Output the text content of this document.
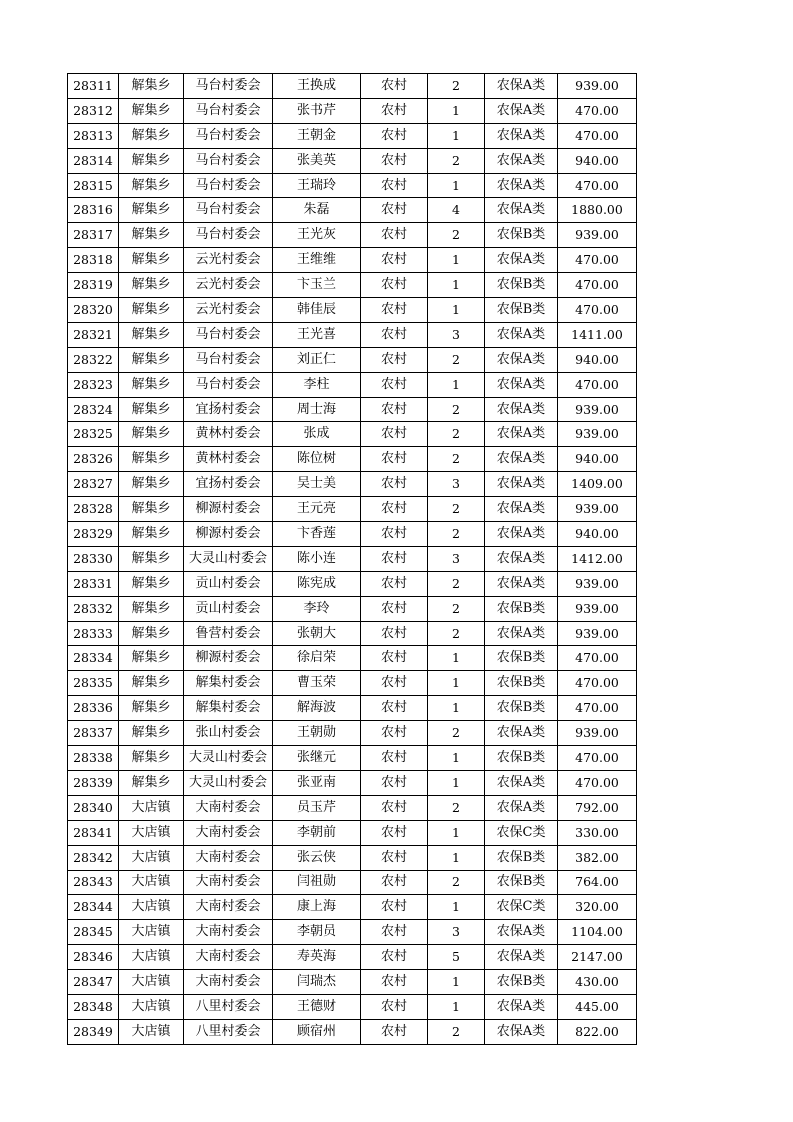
28311	解集乡	马台村委会	王换成	农村	2	农保A类	939.00
28312	解集乡	马台村委会	张书芹	农村	1	农保A类	470.00
28313	解集乡	马台村委会	王朝金	农村	1	农保A类	470.00
28314	解集乡	马台村委会	张美英	农村	2	农保A类	940.00
28315	解集乡	马台村委会	王瑞玲	农村	1	农保A类	470.00
28316	解集乡	马台村委会	朱磊	农村	4	农保A类	1880.00
28317	解集乡	马台村委会	王光灰	农村	2	农保B类	939.00
28318	解集乡	云光村委会	王维维	农村	1	农保A类	470.00
28319	解集乡	云光村委会	卞玉兰	农村	1	农保B类	470.00
28320	解集乡	云光村委会	韩佳辰	农村	1	农保B类	470.00
28321	解集乡	马台村委会	王光喜	农村	3	农保A类	1411.00
28322	解集乡	马台村委会	刘正仁	农村	2	农保A类	940.00
28323	解集乡	马台村委会	李柱	农村	1	农保A类	470.00
28324	解集乡	宜扬村委会	周士海	农村	2	农保A类	939.00
28325	解集乡	黄林村委会	张成	农村	2	农保A类	939.00
28326	解集乡	黄林村委会	陈位树	农村	2	农保A类	940.00
28327	解集乡	宜扬村委会	吴士美	农村	3	农保A类	1409.00
28328	解集乡	柳源村委会	王元亮	农村	2	农保A类	939.00
28329	解集乡	柳源村委会	卞香莲	农村	2	农保A类	940.00
28330	解集乡	大灵山村委会	陈小连	农村	3	农保A类	1412.00
28331	解集乡	贡山村委会	陈宪成	农村	2	农保A类	939.00
28332	解集乡	贡山村委会	李玲	农村	2	农保B类	939.00
28333	解集乡	鲁营村委会	张朝大	农村	2	农保A类	939.00
28334	解集乡	柳源村委会	徐启荣	农村	1	农保B类	470.00
28335	解集乡	解集村委会	曹玉荣	农村	1	农保B类	470.00
28336	解集乡	解集村委会	解海波	农村	1	农保B类	470.00
28337	解集乡	张山村委会	王朝勋	农村	2	农保A类	939.00
28338	解集乡	大灵山村委会	张继元	农村	1	农保B类	470.00
28339	解集乡	大灵山村委会	张亚南	农村	1	农保A类	470.00
28340	大店镇	大南村委会	员玉芹	农村	2	农保A类	792.00
28341	大店镇	大南村委会	李朝前	农村	1	农保C类	330.00
28342	大店镇	大南村委会	张云侠	农村	1	农保B类	382.00
28343	大店镇	大南村委会	闫祖勋	农村	2	农保B类	764.00
28344	大店镇	大南村委会	康上海	农村	1	农保C类	320.00
28345	大店镇	大南村委会	李朝员	农村	3	农保A类	1104.00
28346	大店镇	大南村委会	寿英海	农村	5	农保A类	2147.00
28347	大店镇	大南村委会	闫瑞杰	农村	1	农保B类	430.00
28348	大店镇	八里村委会	王德财	农村	1	农保A类	445.00
28349	大店镇	八里村委会	顾宿州	农村	2	农保A类	822.00
